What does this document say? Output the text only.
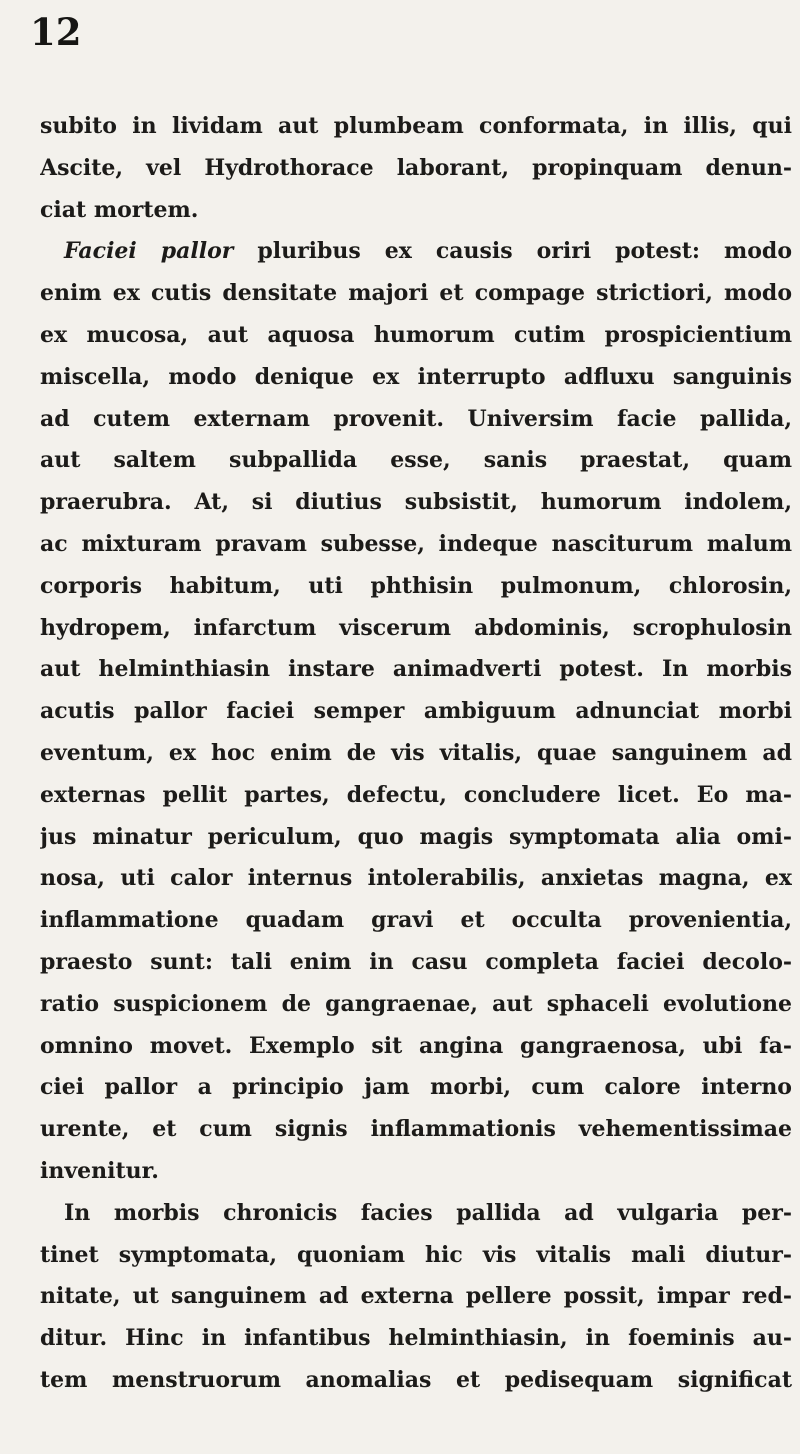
12
subito in lividam aut plumbeam conformata, in illis, qui
Ascite, vel Hydrothorace laborant, propinquam denun-
ciat mortem.
Faciei pallor pluribus ex causis oriri potest: modo
enim ex cutis densitate majori et compage strictiori, modo
ex mucosa, aut aquosa humorum cutim prospicientium
miscella, modo denique ex interrupto adfluxu sanguinis
ad cutem externam provenit. Universim facie pallida,
aut saltem subpallida esse, sanis praestat, quam
praerubra. At, si diutius subsistit, humorum indolem,
ac mixturam pravam subesse, indeque nasciturum malum
corporis habitum, uti phthisin pulmonum, chlorosin,
hydropem, infarctum viscerum abdominis, scrophulosin
aut helminthiasin instare animadverti potest. In morbis
acutis pallor faciei semper ambiguum adnunciat morbi
eventum, ex hoc enim de vis vitalis, quae sanguinem ad
externas pellit partes, defectu, concludere licet. Eo ma-
jus minatur periculum, quo magis symptomata alia omi-
nosa, uti calor internus intolerabilis, anxietas magna, ex
inflammatione quadam gravi et occulta provenientia,
praesto sunt: tali enim in casu completa faciei decolo-
ratio suspicionem de gangraenae, aut sphaceli evolutione
omnino movet. Exemplo sit angina gangraenosa, ubi fa-
ciei pallor a principio jam morbi, cum calore interno
urente, et cum signis inflammationis vehementissimae
invenitur.
In morbis chronicis facies pallida ad vulgaria per-
tinet symptomata, quoniam hic vis vitalis mali diutur-
nitate, ut sanguinem ad externa pellere possit, impar red-
ditur. Hinc in infantibus helminthiasin, in foeminis au-
tem menstruorum anomalias et pedisequam significat
